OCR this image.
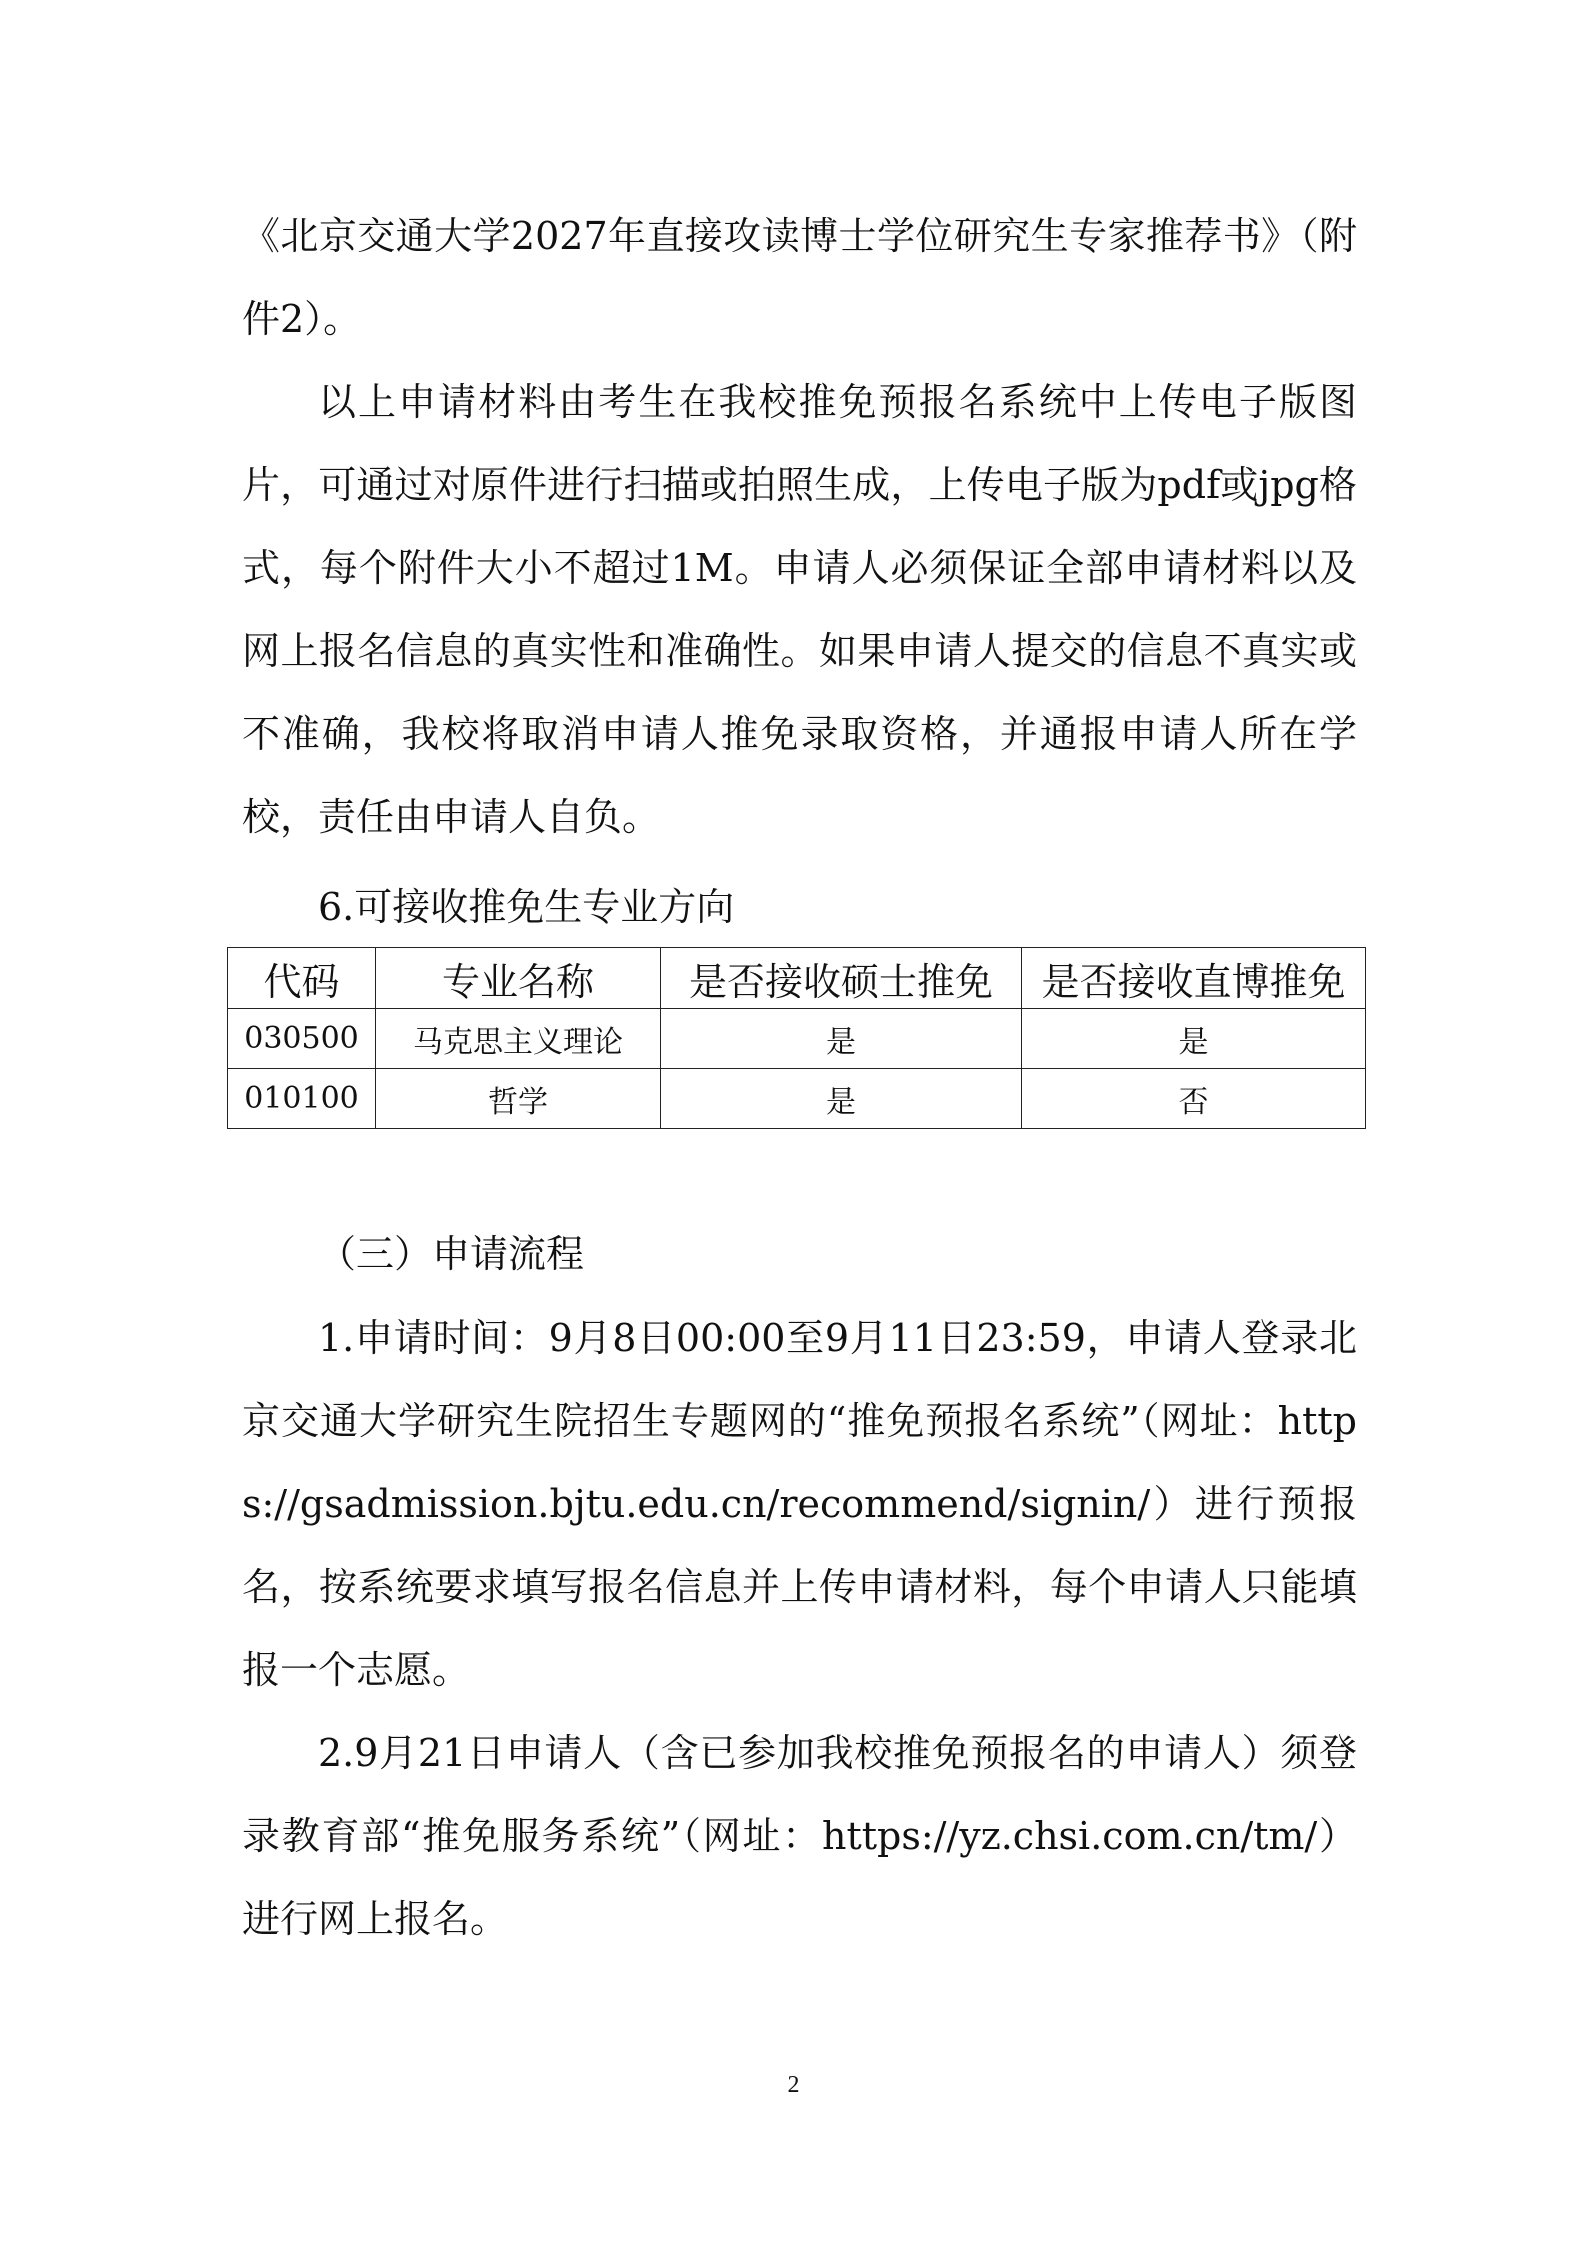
《北京交通大学2027年直接攻读博士学位研究生专家推荐书》（附件2）。

以上申请材料由考生在我校推免预报名系统中上传电子版图片，可通过对原件进行扫描或拍照生成，上传电子版为pdf或jpg格式，每个附件大小不超过1M。申请人必须保证全部申请材料以及网上报名信息的真实性和准确性。如果申请人提交的信息不真实或不准确，我校将取消申请人推免录取资格，并通报申请人所在学校，责任由申请人自负。

6.可接收推免生专业方向

代码	专业名称	是否接收硕士推免	是否接收直博推免
030500	马克思主义理论	是	是
010100	哲学	是	否

（三）申请流程

1.申请时间：9月8日00:00至9月11日23:59，申请人登录北京交通大学研究生院招生专题网的“推免预报名系统”（网址：https://gsadmission.bjtu.edu.cn/recommend/signin/）进行预报名，按系统要求填写报名信息并上传申请材料，每个申请人只能填报一个志愿。

2.9月21日申请人（含已参加我校推免预报名的申请人）须登录教育部“推免服务系统”（网址：https://yz.chsi.com.cn/tm/）进行网上报名。

2
